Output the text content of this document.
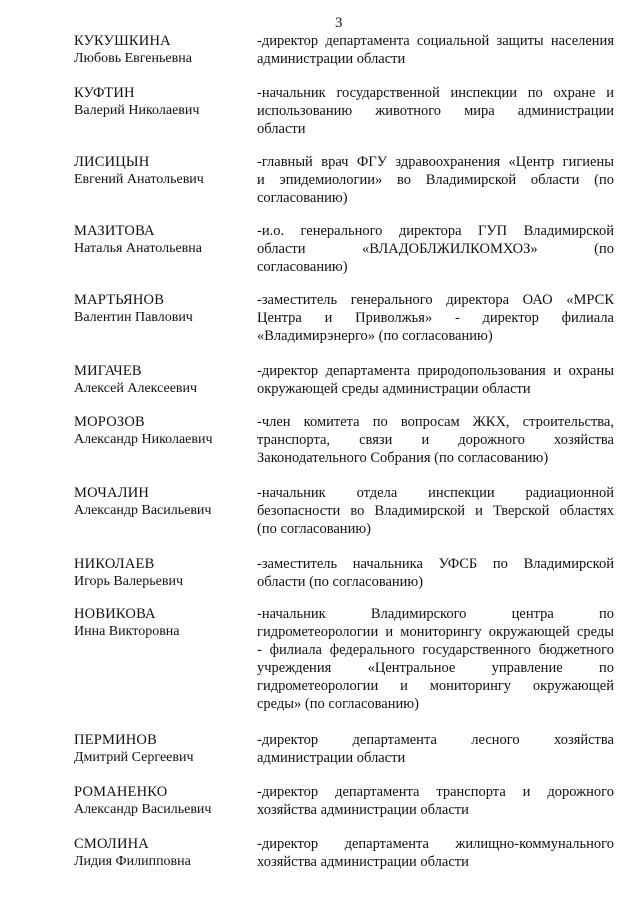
3
КУКУШКИНА
Любовь Евгеньевна
-директор департамента социальной защиты населения
администрации области
КУФТИН
Валерий Николаевич
-начальник государственной инспекции по охране и
использованию животного мира администрации
области
ЛИСИЦЫН
Евгений Анатольевич
-главный врач ФГУ здравоохранения «Центр гигиены
и эпидемиологии» во Владимирской области (по
согласованию)
МАЗИТОВА
Наталья Анатольевна
-и.о. генерального директора ГУП Владимирской
области «ВЛАДОБЛЖИЛКОМХОЗ» (по
согласованию)
МАРТЬЯНОВ
Валентин Павлович
-заместитель генерального директора ОАО «МРСК
Центра и Приволжья» - директор филиала
«Владимирэнерго» (по согласованию)
МИГАЧЕВ
Алексей Алексеевич
-директор департамента природопользования и охраны
окружающей среды администрации области
МОРОЗОВ
Александр Николаевич
-член комитета по вопросам ЖКХ, строительства,
транспорта, связи и дорожного хозяйства
Законодательного Собрания (по согласованию)
МОЧАЛИН
Александр Васильевич
-начальник отдела инспекции радиационной
безопасности во Владимирской и Тверской областях
(по согласованию)
НИКОЛАЕВ
Игорь Валерьевич
-заместитель начальника УФСБ по Владимирской
области (по согласованию)
НОВИКОВА
Инна Викторовна
-начальник Владимирского центра по
гидрометеорологии и мониторингу окружающей среды
- филиала федерального государственного бюджетного
учреждения «Центральное управление по
гидрометеорологии и мониторингу окружающей
среды» (по согласованию)
ПЕРМИНОВ
Дмитрий Сергеевич
-директор департамента лесного хозяйства
администрации области
РОМАНЕНКО
Александр Васильевич
-директор департамента транспорта и дорожного
хозяйства администрации области
СМОЛИНА
Лидия Филипповна
-директор департамента жилищно-коммунального
хозяйства администрации области
